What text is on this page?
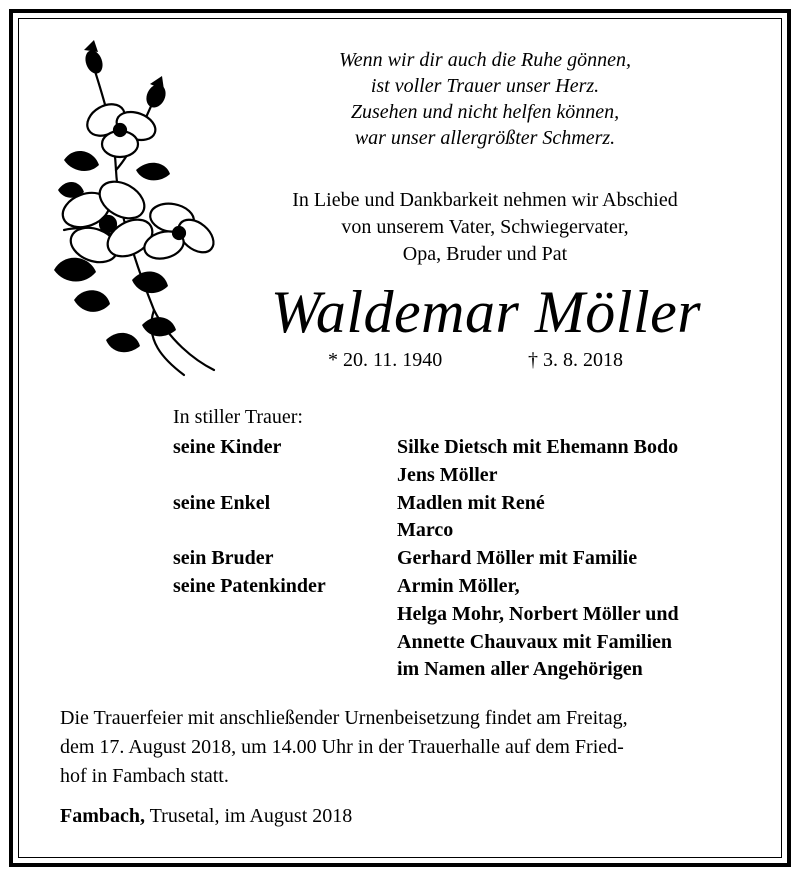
Wenn wir dir auch die Ruhe gönnen,
ist voller Trauer unser Herz.
Zusehen und nicht helfen können,
war unser allergrößter Schmerz.
In Liebe und Dankbarkeit nehmen wir Abschied
von unserem Vater, Schwiegervater,
Opa, Bruder und Pat
Waldemar Möller
* 20. 11. 1940	† 3. 8. 2018
In stiller Trauer:
seine Kinder	Silke Dietsch mit Ehemann Bodo
Jens Möller
seine Enkel	Madlen mit René
Marco
sein Bruder	Gerhard Möller mit Familie
seine Patenkinder	Armin Möller,
Helga Mohr, Norbert Möller und
Annette Chauvaux mit Familien
im Namen aller Angehörigen
Die Trauerfeier mit anschließender Urnenbeisetzung findet am Freitag,
dem 17. August 2018, um 14.00 Uhr in der Trauerhalle auf dem Fried-
hof in Fambach statt.
Fambach, Trusetal, im August 2018
